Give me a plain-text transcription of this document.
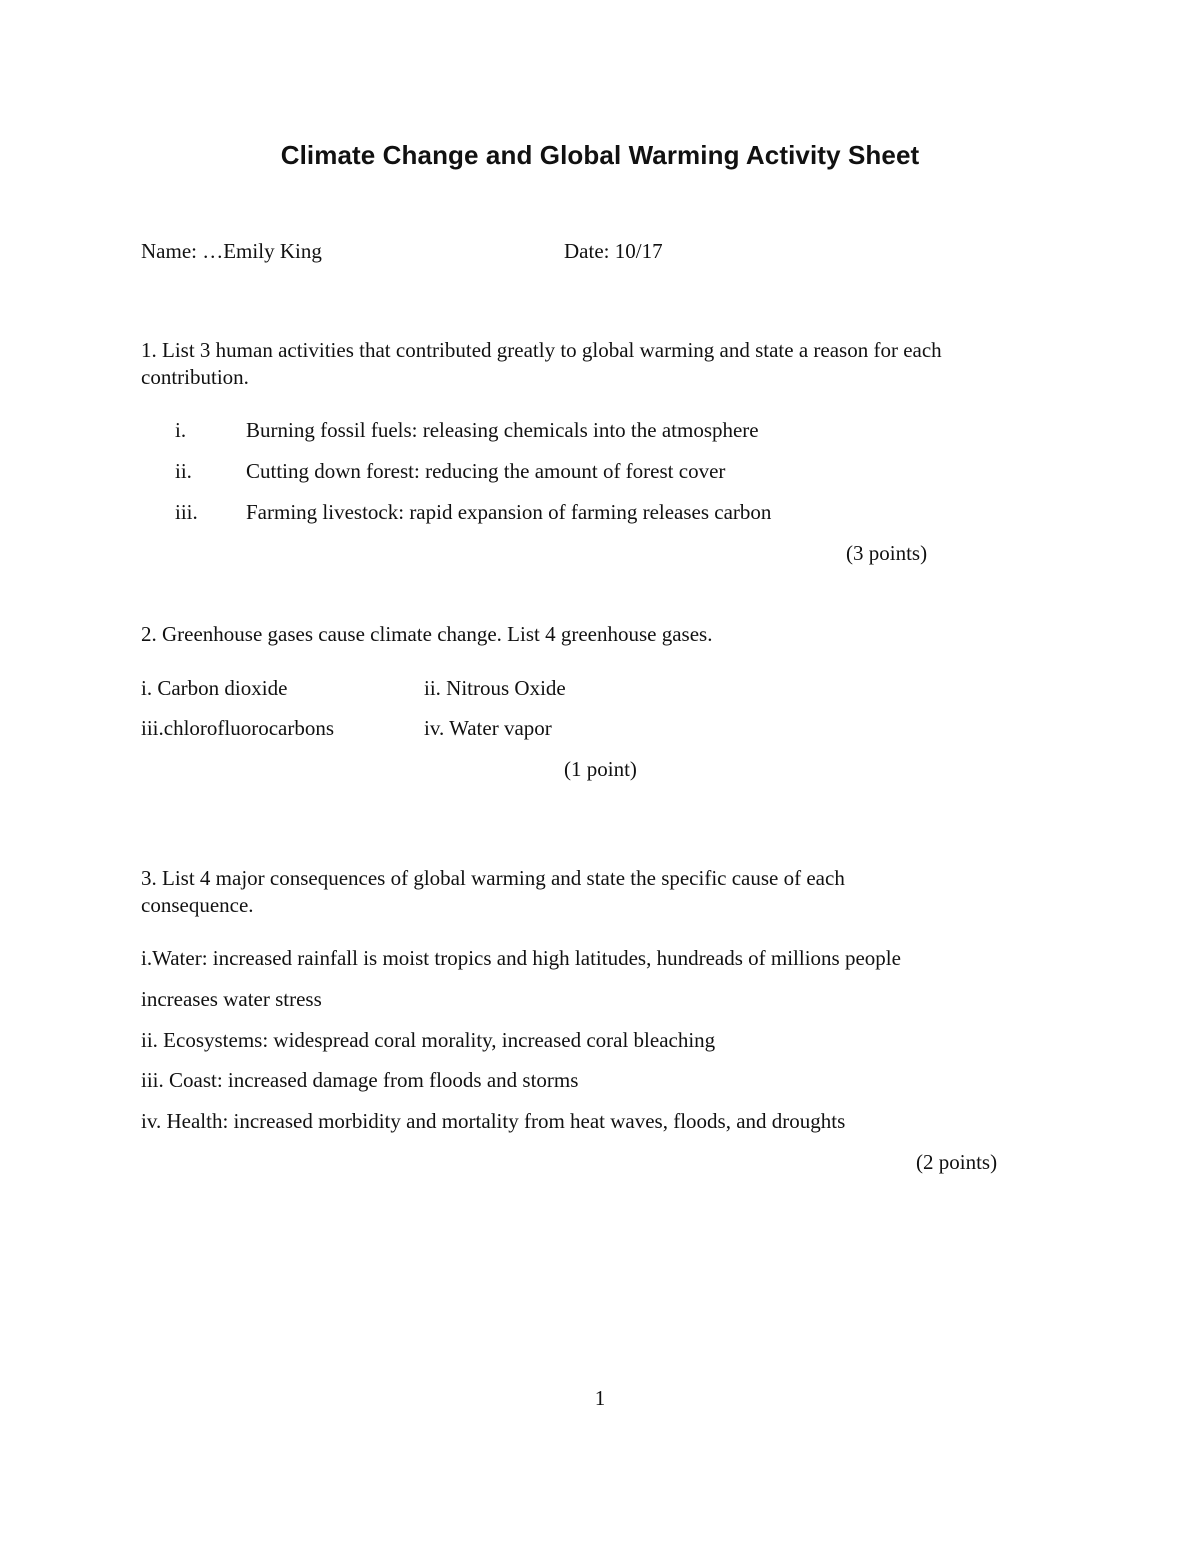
Climate Change and Global Warming Activity Sheet
Name: …Emily King	Date: 10/17
1. List 3 human activities that contributed greatly to global warming and state a reason for each
contribution.
i.	Burning fossil fuels: releasing chemicals into the atmosphere
ii.	Cutting down forest: reducing the amount of forest cover
iii. Farming livestock: rapid expansion of farming releases carbon
(3 points)
2. Greenhouse gases cause climate change. List 4 greenhouse gases.
i. Carbon dioxide	ii. Nitrous Oxide
iii.chlorofluorocarbons	iv. Water vapor
(1 point)
3. List 4 major consequences of global warming and state the specific cause of each
consequence.
i.Water: increased rainfall is moist tropics and high latitudes, hundreads of millions people
increases water stress
ii. Ecosystems: widespread coral morality, increased coral bleaching
iii. Coast: increased damage from floods and storms
iv. Health: increased morbidity and mortality from heat waves, floods, and droughts
(2 points)
1
